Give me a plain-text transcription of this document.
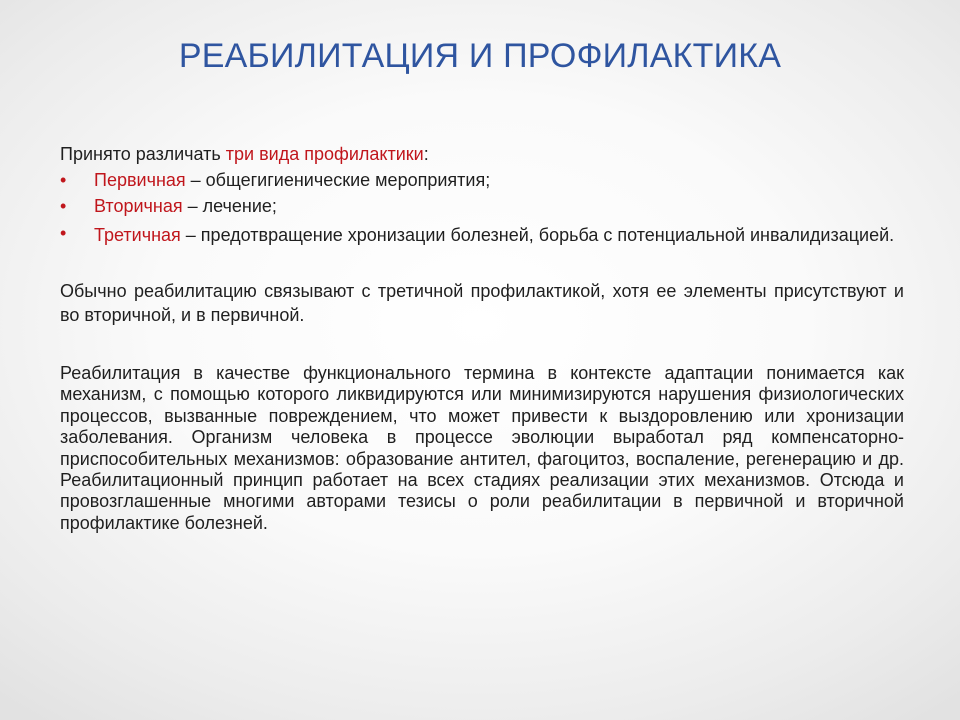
РЕАБИЛИТАЦИЯ И ПРОФИЛАКТИКА
Принято различать три вида профилактики:
• Первичная – общегигиенические мероприятия;
• Вторичная – лечение;
• Третичная – предотвращение хронизации болезней, борьба с потенциальной инвалидизацией.
Обычно реабилитацию связывают с третичной профилактикой, хотя ее элементы присутствуют и во вторичной, и в первичной.
Реабилитация в качестве функционального термина в контексте адаптации понимается как механизм, с помощью которого ликвидируются или минимизируются нарушения физиологических процессов, вызванные повреждением, что может привести к выздоровлению или хронизации заболевания. Организм человека в процессе эволюции выработал ряд компенсаторно-приспособительных механизмов: образование антител, фагоцитоз, воспаление, регенерацию и др. Реабилитационный принцип работает на всех стадиях реализации этих механизмов. Отсюда и провозглашенные многими авторами тезисы о роли реабилитации в первичной и вторичной профилактике болезней.
